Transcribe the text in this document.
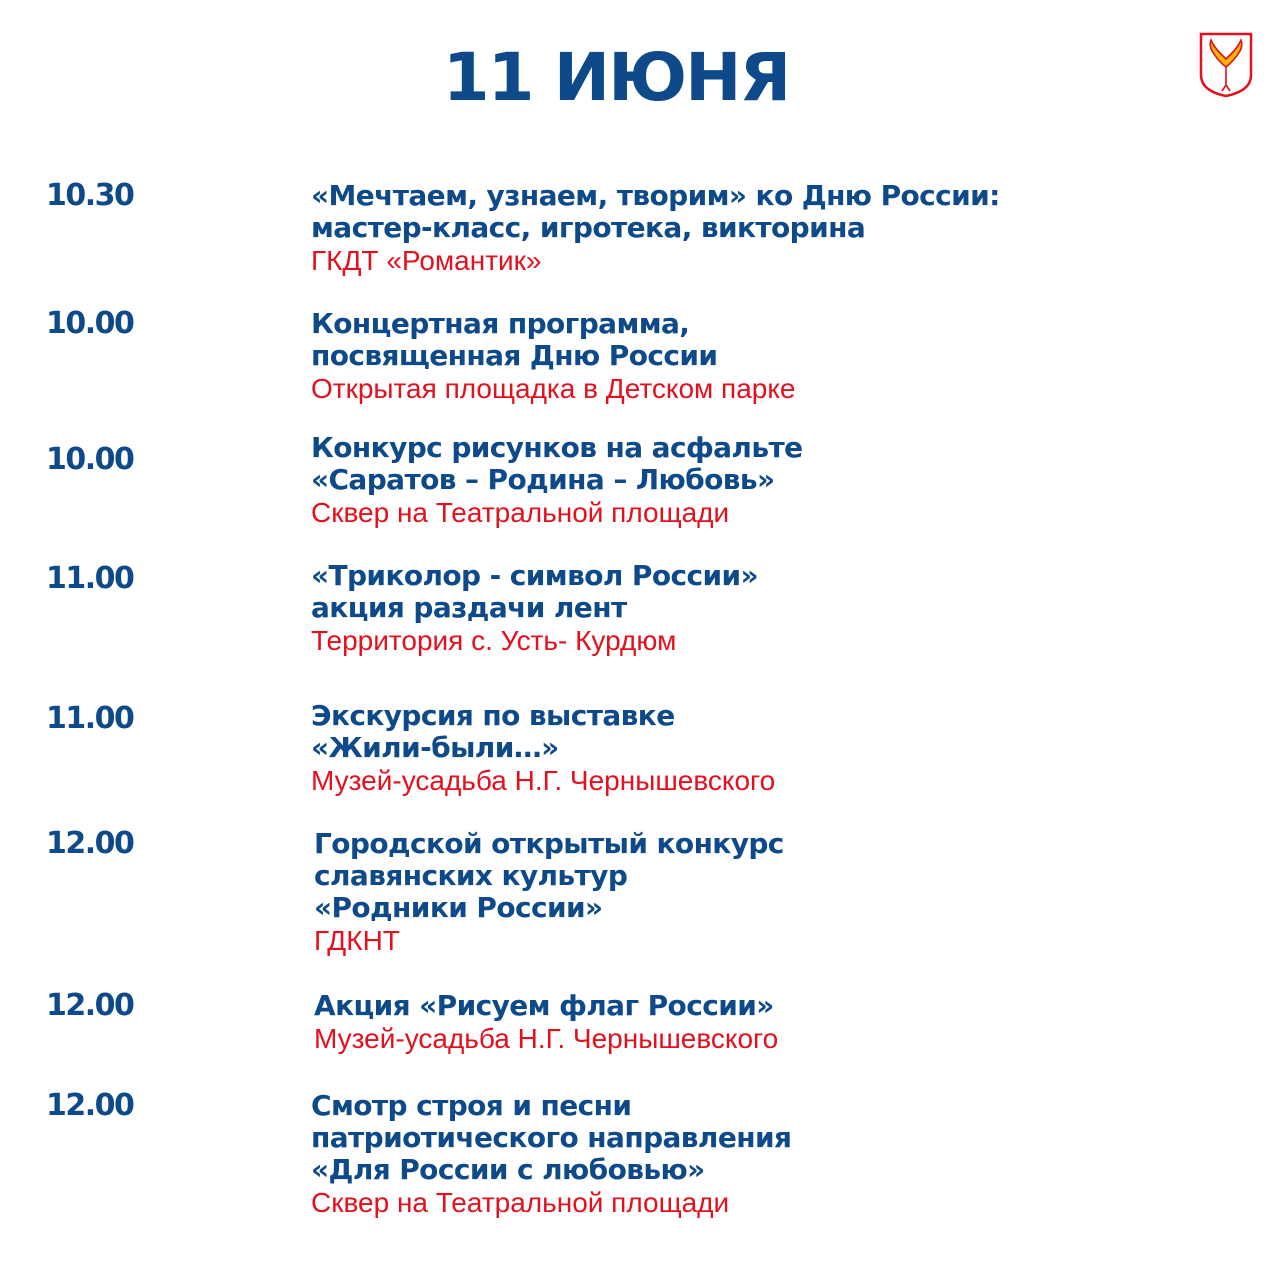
11 ИЮНЯ
10.30	«Мечтаем, узнаем, творим» ко Дню России:
мастер-класс, игротека, викторина
ГКДТ «Романтик»
10.00	Концертная программа,
посвященная Дню России
Открытая площадка в Детском парке
10.00	Конкурс рисунков на асфальте
«Саратов – Родина – Любовь»
Сквер на Театральной площади
11.00	«Триколор - символ России»
акция раздачи лент
Территория с. Усть- Курдюм
11.00	Экскурсия по выставке
«Жили-были…»
Музей-усадьба Н.Г. Чернышевского
12.00	Городской открытый конкурс
славянских культур
«Родники России»
ГДКНТ
12.00	Акция «Рисуем флаг России»
Музей-усадьба Н.Г. Чернышевского
12.00	Смотр строя и песни
патриотического направления
«Для России с любовью»
Сквер на Театральной площади
